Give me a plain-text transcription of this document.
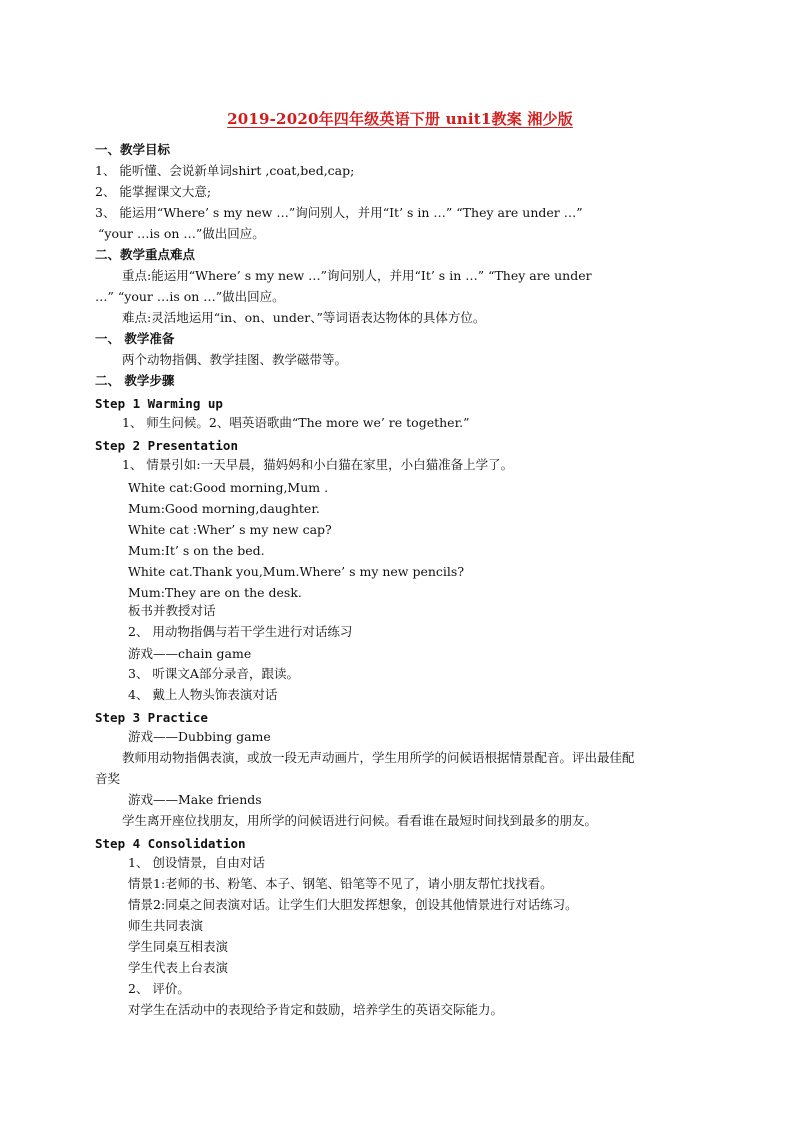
2019-2020年四年级英语下册 unit1教案 湘少版
一、教学目标
1、 能听懂、会说新单词shirt ,coat,bed,cap;
2、 能掌握课文大意;
3、 能运用“Where’ s my new …”询问别人，并用“It’ s in …” “They are under …”
“your …is on …”做出回应。
二、教学重点难点
重点:能运用“Where’ s my new …”询问别人，并用“It’ s in …” “They are under
…” “your …is on …”做出回应。
难点:灵活地运用“in、on、under、”等词语表达物体的具体方位。
一、 教学准备
两个动物指偶、教学挂图、教学磁带等。
二、 教学步骤
Step 1 Warming up
1、 师生问候。2、唱英语歌曲“The more we’ re together.”
Step 2 Presentation
1、 情景引如:一天早晨，猫妈妈和小白猫在家里，小白猫准备上学了。
White cat:Good morning,Mum .
Mum:Good morning,daughter.
White cat :Wher’ s my new cap?
Mum:It’ s on the bed.
White cat.Thank you,Mum.Where’ s my new pencils?
Mum:They are on the desk.
板书并教授对话
2、 用动物指偶与若干学生进行对话练习
游戏——chain game
3、 听课文A部分录音，跟读。
4、 戴上人物头饰表演对话
Step 3 Practice
游戏——Dubbing game
教师用动物指偶表演，或放一段无声动画片，学生用所学的问候语根据情景配音。评出最佳配
音奖
游戏——Make friends
学生离开座位找朋友，用所学的问候语进行问候。看看谁在最短时间找到最多的朋友。
Step 4 Consolidation
1、 创设情景，自由对话
情景1:老师的书、粉笔、本子、钢笔、铅笔等不见了，请小朋友帮忙找找看。
情景2:同桌之间表演对话。让学生们大胆发挥想象，创设其他情景进行对话练习。
师生共同表演
学生同桌互相表演
学生代表上台表演
2、 评价。
对学生在活动中的表现给予肯定和鼓励，培养学生的英语交际能力。
